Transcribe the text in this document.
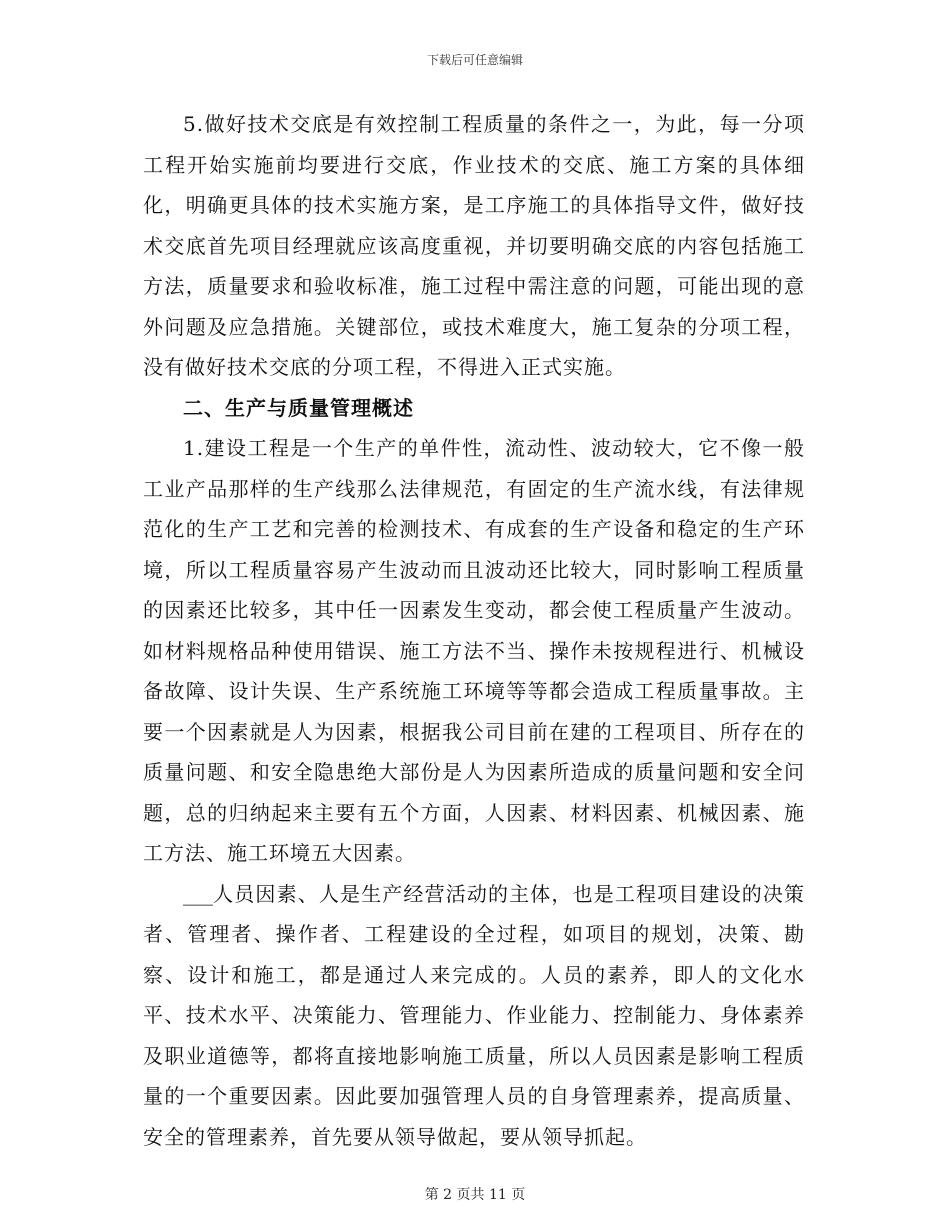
下载后可任意编辑

5.做好技术交底是有效控制工程质量的条件之一，为此，每一分项工程开始实施前均要进行交底，作业技术的交底、施工方案的具体细化，明确更具体的技术实施方案，是工序施工的具体指导文件，做好技术交底首先项目经理就应该高度重视，并切要明确交底的内容包括施工方法，质量要求和验收标准，施工过程中需注意的问题，可能出现的意外问题及应急措施。关键部位，或技术难度大，施工复杂的分项工程，没有做好技术交底的分项工程，不得进入正式实施。

二、生产与质量管理概述

1.建设工程是一个生产的单件性，流动性、波动较大，它不像一般工业产品那样的生产线那么法律规范，有固定的生产流水线，有法律规范化的生产工艺和完善的检测技术、有成套的生产设备和稳定的生产环境，所以工程质量容易产生波动而且波动还比较大，同时影响工程质量的因素还比较多，其中任一因素发生变动，都会使工程质量产生波动。如材料规格品种使用错误、施工方法不当、操作未按规程进行、机械设备故障、设计失误、生产系统施工环境等等都会造成工程质量事故。主要一个因素就是人为因素，根据我公司目前在建的工程项目、所存在的质量问题、和安全隐患绝大部份是人为因素所造成的质量问题和安全问题，总的归纳起来主要有五个方面，人因素、材料因素、机械因素、施工方法、施工环境五大因素。

___人员因素、人是生产经营活动的主体，也是工程项目建设的决策者、管理者、操作者、工程建设的全过程，如项目的规划，决策、勘察、设计和施工，都是通过人来完成的。人员的素养，即人的文化水平、技术水平、决策能力、管理能力、作业能力、控制能力、身体素养及职业道德等，都将直接地影响施工质量，所以人员因素是影响工程质量的一个重要因素。因此要加强管理人员的自身管理素养，提高质量、安全的管理素养，首先要从领导做起，要从领导抓起。

第 2 页共 11 页
